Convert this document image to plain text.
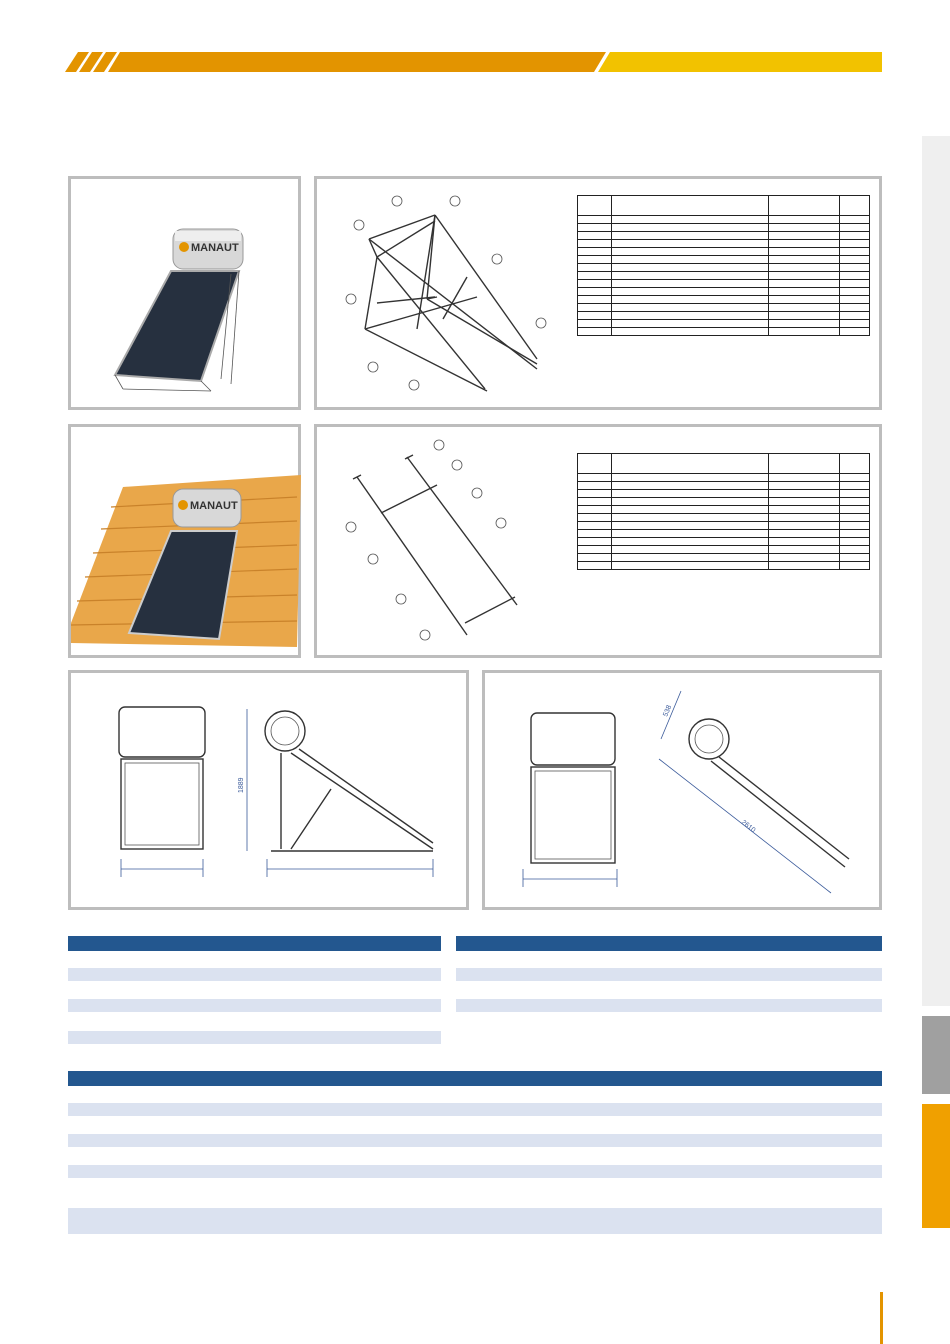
MANAUT

MANAUT

1889
538
2610
